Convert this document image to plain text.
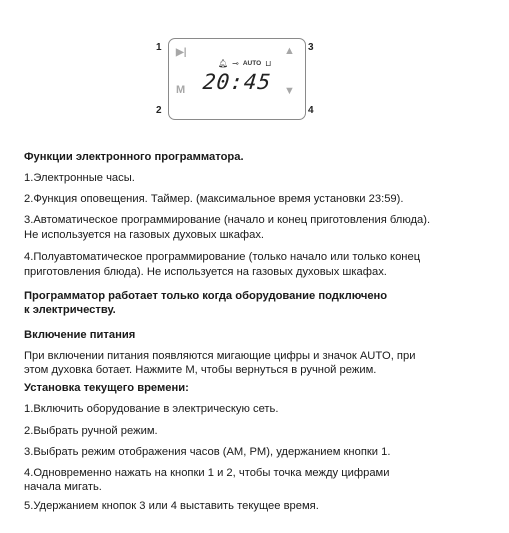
1
2
3
4
▶|
M
▲
▼
🔔︎ ⊸ AUTO ⊔
20:45
Функции электронного программатора.
1.Электронные часы.
2.Функция оповещения. Таймер. (максимальное время установки 23:59).
3.Автоматическое программирование (начало и конец приготовления блюда).
Не используется на газовых духовых шкафах.
4.Полуавтоматическое программирование (только начало или только конец
приготовления блюда). Не используется на газовых духовых шкафах.
Программатор работает только когда оборудование подключено
к электричеству.
Включение питания
При включении питания появляются мигающие цифры и значок AUTO, при
этом духовка ботает. Нажмите M, чтобы вернуться в ручной режим.
Установка текущего времени:
1.Включить оборудование в электрическую сеть.
2.Выбрать ручной режим.
3.Выбрать режим отображения часов (AM, PM), удержанием кнопки 1.
4.Одновременно нажать на кнопки 1 и 2, чтобы точка между цифрами
начала мигать.
5.Удержанием кнопок 3 или 4 выставить текущее время.
